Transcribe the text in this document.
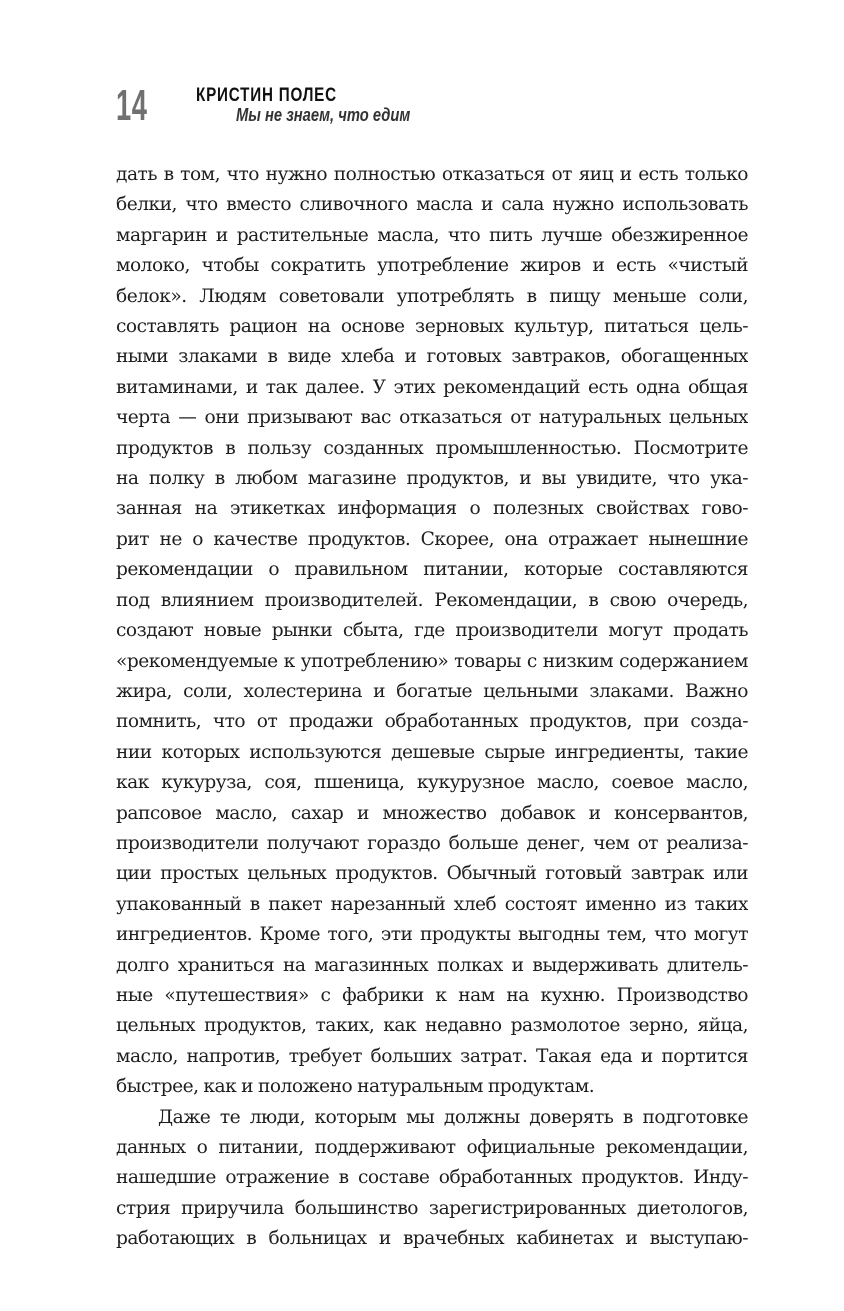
14	КРИСТИН ПОЛЕС
Мы не знаем, что едим

дать в том, что нужно полностью отказаться от яиц и есть только
белки, что вместо сливочного масла и сала нужно использовать
маргарин и растительные масла, что пить лучше обезжиренное
молоко, чтобы сократить употребление жиров и есть «чистый
белок». Людям советовали употреблять в пищу меньше соли,
составлять рацион на основе зерновых культур, питаться цель-
ными злаками в виде хлеба и готовых завтраков, обогащенных
витаминами, и так далее. У этих рекомендаций есть одна общая
черта — они призывают вас отказаться от натуральных цельных
продуктов в пользу созданных промышленностью. Посмотрите
на полку в любом магазине продуктов, и вы увидите, что ука-
занная на этикетках информация о полезных свойствах гово-
рит не о качестве продуктов. Скорее, она отражает нынешние
рекомендации о правильном питании, которые составляются
под влиянием производителей. Рекомендации, в свою очередь,
создают новые рынки сбыта, где производители могут продать
«рекомендуемые к употреблению» товары с низким содержанием
жира, соли, холестерина и богатые цельными злаками. Важно
помнить, что от продажи обработанных продуктов, при созда-
нии которых используются дешевые сырые ингредиенты, такие
как кукуруза, соя, пшеница, кукурузное масло, соевое масло,
рапсовое масло, сахар и множество добавок и консервантов,
производители получают гораздо больше денег, чем от реализа-
ции простых цельных продуктов. Обычный готовый завтрак или
упакованный в пакет нарезанный хлеб состоят именно из таких
ингредиентов. Кроме того, эти продукты выгодны тем, что могут
долго храниться на магазинных полках и выдерживать длитель-
ные «путешествия» с фабрики к нам на кухню. Производство
цельных продуктов, таких, как недавно размолотое зерно, яйца,
масло, напротив, требует больших затрат. Такая еда и портится
быстрее, как и положено натуральным продуктам.

Даже те люди, которым мы должны доверять в подготовке
данных о питании, поддерживают официальные рекомендации,
нашедшие отражение в составе обработанных продуктов. Инду-
стрия приручила большинство зарегистрированных диетологов,
работающих в больницах и врачебных кабинетах и выступаю-
